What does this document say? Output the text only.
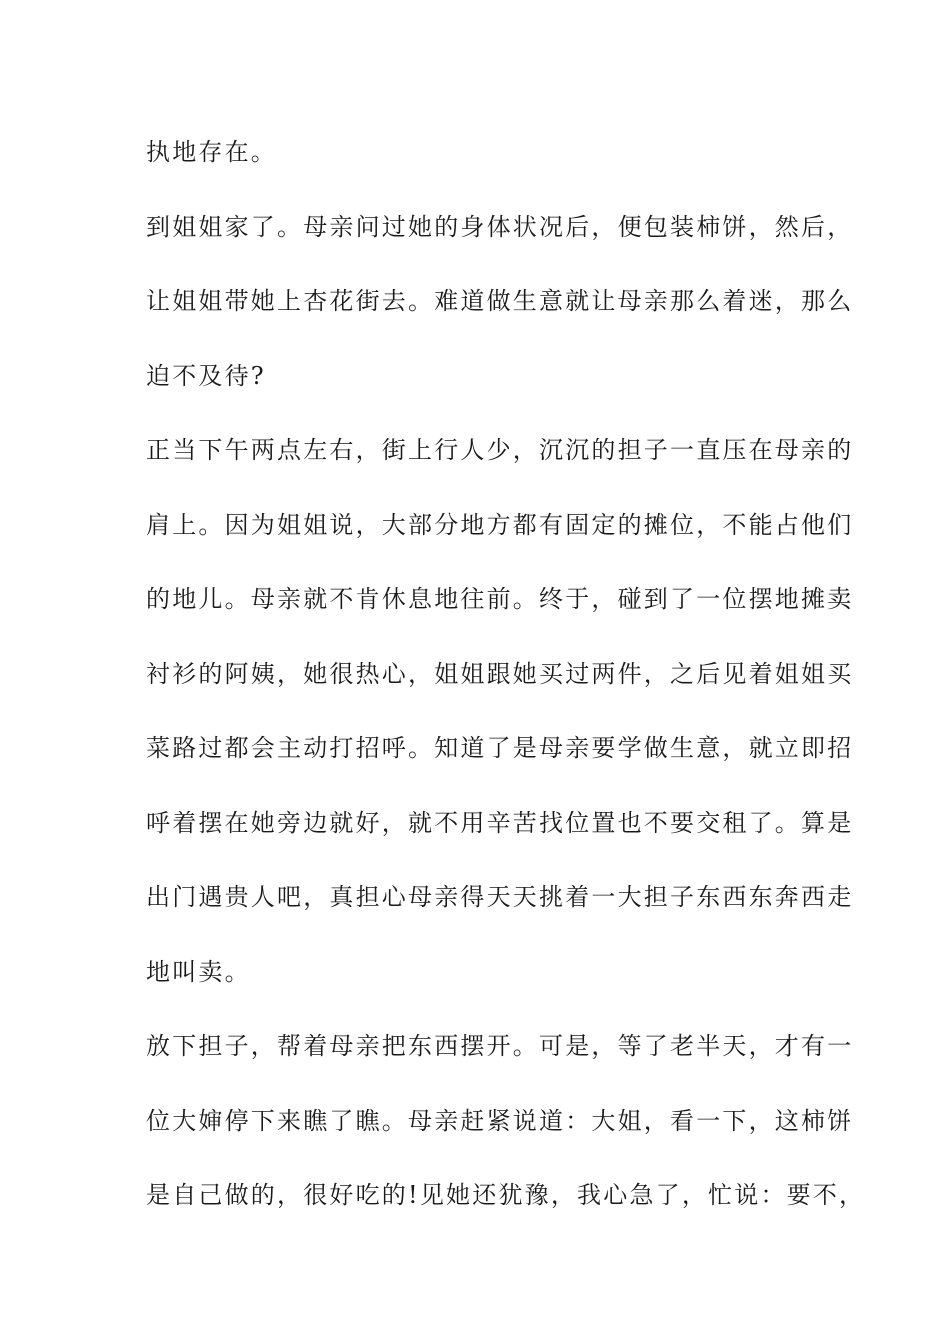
执地存在。

到姐姐家了。母亲问过她的身体状况后，便包装柿饼，然后，

让姐姐带她上杏花街去。难道做生意就让母亲那么着迷，那么

迫不及待?

正当下午两点左右，街上行人少，沉沉的担子一直压在母亲的

肩上。因为姐姐说，大部分地方都有固定的摊位，不能占他们

的地儿。母亲就不肯休息地往前。终于，碰到了一位摆地摊卖

衬衫的阿姨，她很热心，姐姐跟她买过两件，之后见着姐姐买

菜路过都会主动打招呼。知道了是母亲要学做生意，就立即招

呼着摆在她旁边就好，就不用辛苦找位置也不要交租了。算是

出门遇贵人吧，真担心母亲得天天挑着一大担子东西东奔西走

地叫卖。

放下担子，帮着母亲把东西摆开。可是，等了老半天，才有一

位大婶停下来瞧了瞧。母亲赶紧说道：大姐，看一下，这柿饼

是自己做的，很好吃的!见她还犹豫，我心急了，忙说：要不，
